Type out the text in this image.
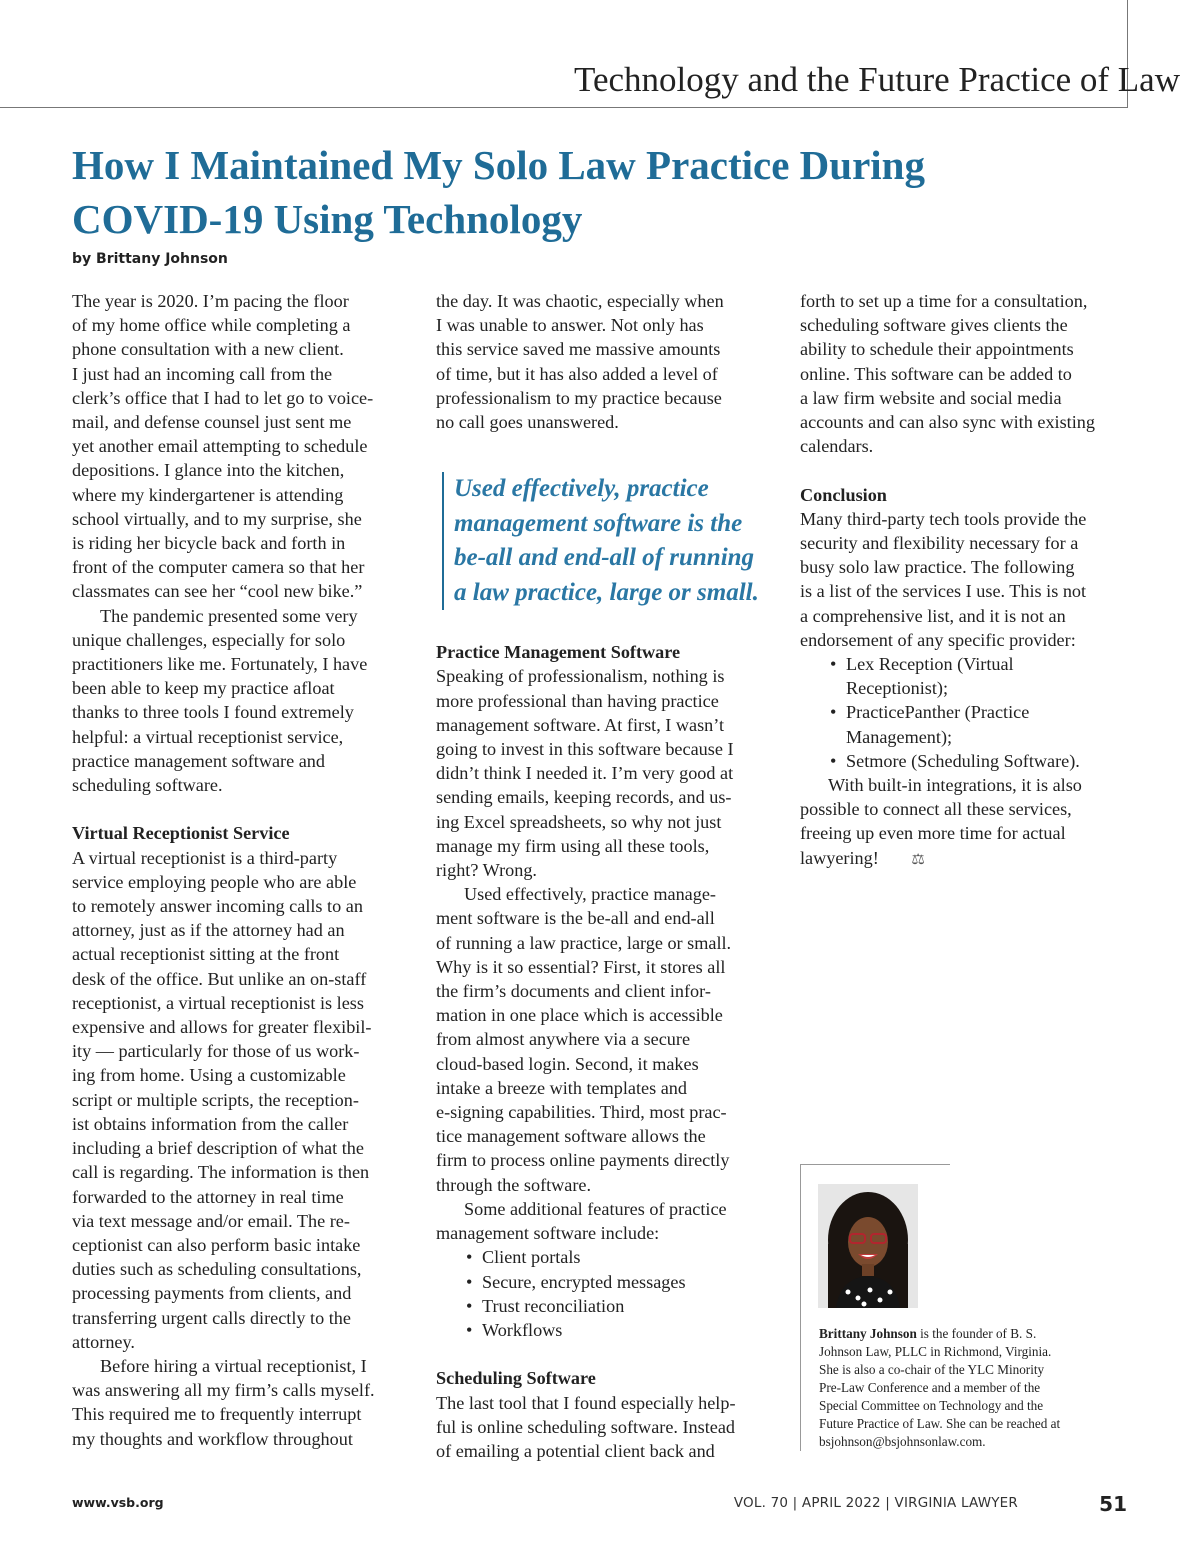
Technology and the Future Practice of Law
How I Maintained My Solo Law Practice During
COVID-19 Using Technology
by Brittany Johnson

The year is 2020. I’m pacing the floor
of my home office while completing a
phone consultation with a new client.
I just had an incoming call from the
clerk’s office that I had to let go to voice-
mail, and defense counsel just sent me
yet another email attempting to schedule
depositions. I glance into the kitchen,
where my kindergartener is attending
school virtually, and to my surprise, she
is riding her bicycle back and forth in
front of the computer camera so that her
classmates can see her “cool new bike.”

The pandemic presented some very
unique challenges, especially for solo
practitioners like me. Fortunately, I have
been able to keep my practice afloat
thanks to three tools I found extremely
helpful: a virtual receptionist service,
practice management software and
scheduling software.

Virtual Receptionist Service

A virtual receptionist is a third-party
service employing people who are able
to remotely answer incoming calls to an
attorney, just as if the attorney had an
actual receptionist sitting at the front
desk of the office. But unlike an on-staff
receptionist, a virtual receptionist is less
expensive and allows for greater flexibil-
ity — particularly for those of us work-
ing from home. Using a customizable
script or multiple scripts, the reception-
ist obtains information from the caller
including a brief description of what the
call is regarding. The information is then
forwarded to the attorney in real time
via text message and/or email. The re-
ceptionist can also perform basic intake
duties such as scheduling consultations,
processing payments from clients, and
transferring urgent calls directly to the
attorney.

Before hiring a virtual receptionist, I
was answering all my firm’s calls myself.
This required me to frequently interrupt
my thoughts and workflow throughout

the day. It was chaotic, especially when
I was unable to answer. Not only has
this service saved me massive amounts
of time, but it has also added a level of
professionalism to my practice because
no call goes unanswered.

Used effectively, practice
management software is the
be-all and end-all of running
a law practice, large or small.

Practice Management Software

Speaking of professionalism, nothing is
more professional than having practice
management software. At first, I wasn’t
going to invest in this software because I
didn’t think I needed it. I’m very good at
sending emails, keeping records, and us-
ing Excel spreadsheets, so why not just
manage my firm using all these tools,
right? Wrong.

Used effectively, practice manage-
ment software is the be-all and end-all
of running a law practice, large or small.
Why is it so essential? First, it stores all
the firm’s documents and client infor-
mation in one place which is accessible
from almost anywhere via a secure
cloud-based login. Second, it makes
intake a breeze with templates and
e-signing capabilities. Third, most prac-
tice management software allows the
firm to process online payments directly
through the software.

Some additional features of practice
management software include:

• Client portals
• Secure, encrypted messages
• Trust reconciliation
• Workflows
Scheduling Software

The last tool that I found especially help-
ful is online scheduling software. Instead
of emailing a potential client back and

forth to set up a time for a consultation,
scheduling software gives clients the
ability to schedule their appointments
online. This software can be added to
a law firm website and social media
accounts and can also sync with existing
calendars.

Conclusion

Many third-party tech tools provide the
security and flexibility necessary for a
busy solo law practice. The following
is a list of the services I use. This is not
a comprehensive list, and it is not an
endorsement of any specific provider:

• Lex Reception (Virtual
Receptionist);
• PracticePanther (Practice
Management);
• Setmore (Scheduling Software).

With built-in integrations, it is also
possible to connect all these services,
freeing up even more time for actual
lawyering! ⚖

Brittany Johnson is the founder of B. S.
Johnson Law, PLLC in Richmond, Virginia.
She is also a co-chair of the YLC Minority
Pre-Law Conference and a member of the
Special Committee on Technology and the
Future Practice of Law. She can be reached at
bsjohnson@bsjohnsonlaw.com.
www.vsb.org	VOL. 70 | APRIL 2022 | VIRGINIA LAWYER	51
